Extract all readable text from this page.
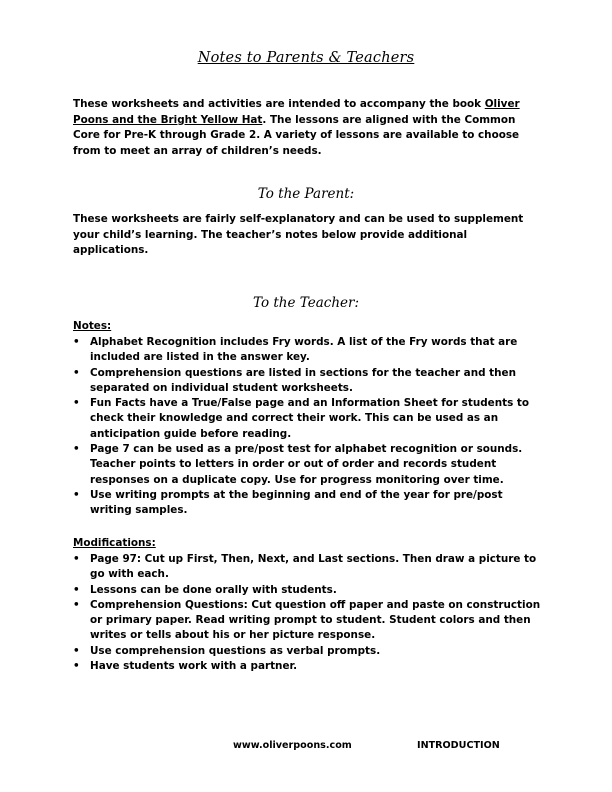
Notes to Parents & Teachers

These worksheets and activities are intended to accompany the book Oliver Poons and the Bright Yellow Hat. The lessons are aligned with the Common Core for Pre-K through Grade 2. A variety of lessons are available to choose from to meet an array of children’s needs.

To the Parent:

These worksheets are fairly self-explanatory and can be used to supplement your child’s learning. The teacher’s notes below provide additional applications.

To the Teacher:
Notes:
• Alphabet Recognition includes Fry words. A list of the Fry words that are included are listed in the answer key.
• Comprehension questions are listed in sections for the teacher and then separated on individual student worksheets.
• Fun Facts have a True/False page and an Information Sheet for students to check their knowledge and correct their work. This can be used as an anticipation guide before reading.
• Page 7 can be used as a pre/post test for alphabet recognition or sounds. Teacher points to letters in order or out of order and records student responses on a duplicate copy. Use for progress monitoring over time.
• Use writing prompts at the beginning and end of the year for pre/post writing samples.
Modifications:
• Page 97: Cut up First, Then, Next, and Last sections. Then draw a picture to go with each.
• Lessons can be done orally with students.
• Comprehension Questions: Cut question off paper and paste on construction or primary paper. Read writing prompt to student. Student colors and then writes or tells about his or her picture response.
• Use comprehension questions as verbal prompts.
• Have students work with a partner.
www.oliverpoons.com	INTRODUCTION
